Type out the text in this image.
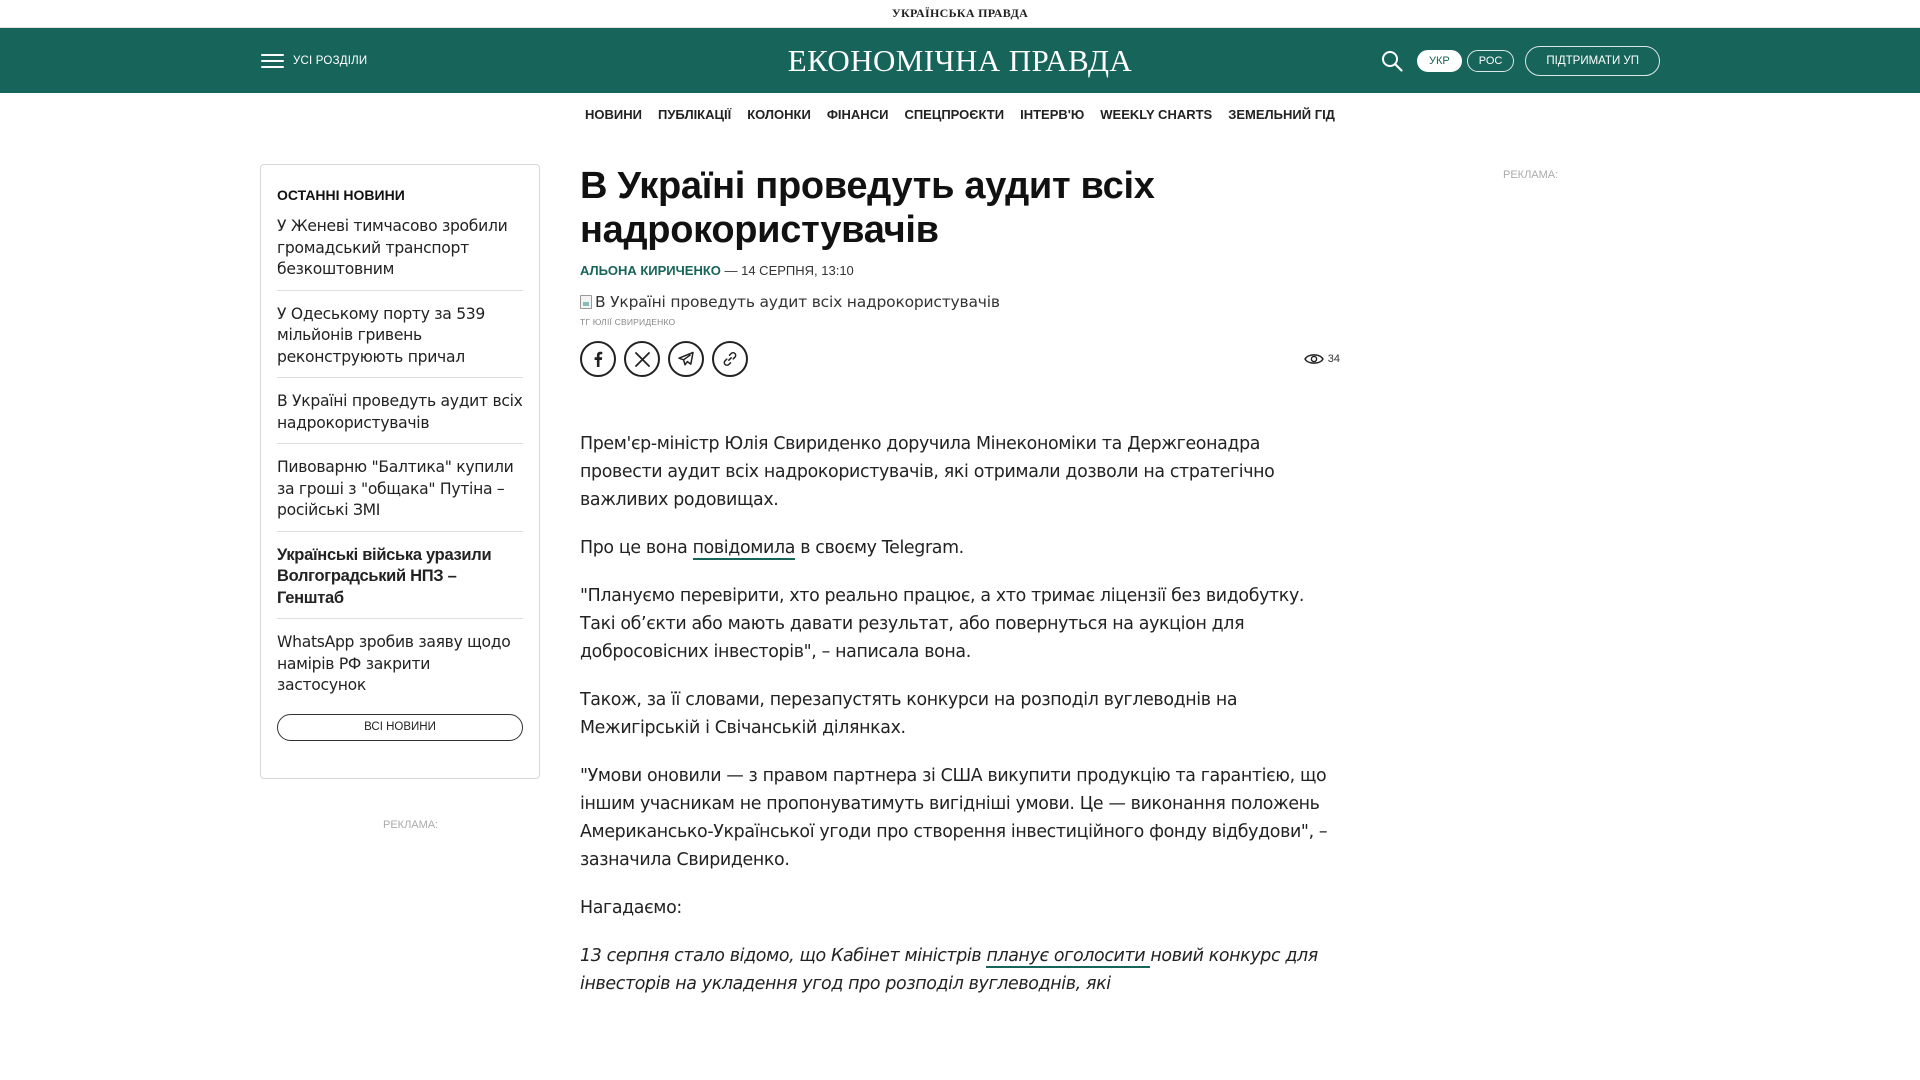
УКРАЇНСЬКА ПРАВДА
УСІ РОЗДІЛИ	ЕКОНОМІЧНА ПРАВДА	УКР	РОС	ПІДТРИМАТИ УП
НОВИНИ ПУБЛІКАЦІЇ КОЛОНКИ ФІНАНСИ СПЕЦПРОЄКТИ ІНТЕРВ'Ю WEEKLY CHARTS ЗЕМЕЛЬНИЙ ГІД
ОСТАННІ НОВИНИ
У Женеві тимчасово зробили громадський транспорт безкоштовним
У Одеському порту за 539 мільйонів гривень реконструюють причал
В Україні проведуть аудит всіх надрокористувачів
Пивоварню "Балтика" купили за гроші з "общака" Путіна – російські ЗМІ
Українські війська уразили Волгоградський НПЗ – Генштаб
WhatsApp зробив заяву щодо намірів РФ закрити застосунок
ВСІ НОВИНИ
РЕКЛАМА:
РЕКЛАМА:
В Україні проведуть аудит всіх надрокористувачів
АЛЬОНА КИРИЧЕНКО — 14 СЕРПНЯ, 13:10
В Україні проведуть аудит всіх надрокористувачів
ТГ ЮЛІЇ СВИРИДЕНКО
34

Прем'єр-міністр Юлія Свириденко доручила Мінекономіки та Держгеонадра провести аудит всіх надрокористувачів, які отримали дозволи на стратегічно важливих родовищах.

Про це вона повідомила в своєму Telegram.

"Плануємо перевірити, хто реально працює, а хто тримає ліцензії без видобутку. Такі об’єкти або мають давати результат, або повернуться на аукціон для добросовісних інвесторів", – написала вона.

Також, за її словами, перезапустять конкурси на розподіл вуглеводнів на Межигірській і Свічанській ділянках.

"Умови оновили — з правом партнера зі США викупити продукцію та гарантією, що іншим учасникам не пропонуватимуть вигідніші умови. Це — виконання положень Американсько-Української угоди про створення інвестиційного фонду відбудови", – зазначила Свириденко.

Нагадаємо:

13 серпня стало відомо, що Кабінет міністрів планує оголосити новий конкурс для інвесторів на укладення угод про розподіл вуглеводнів, які
